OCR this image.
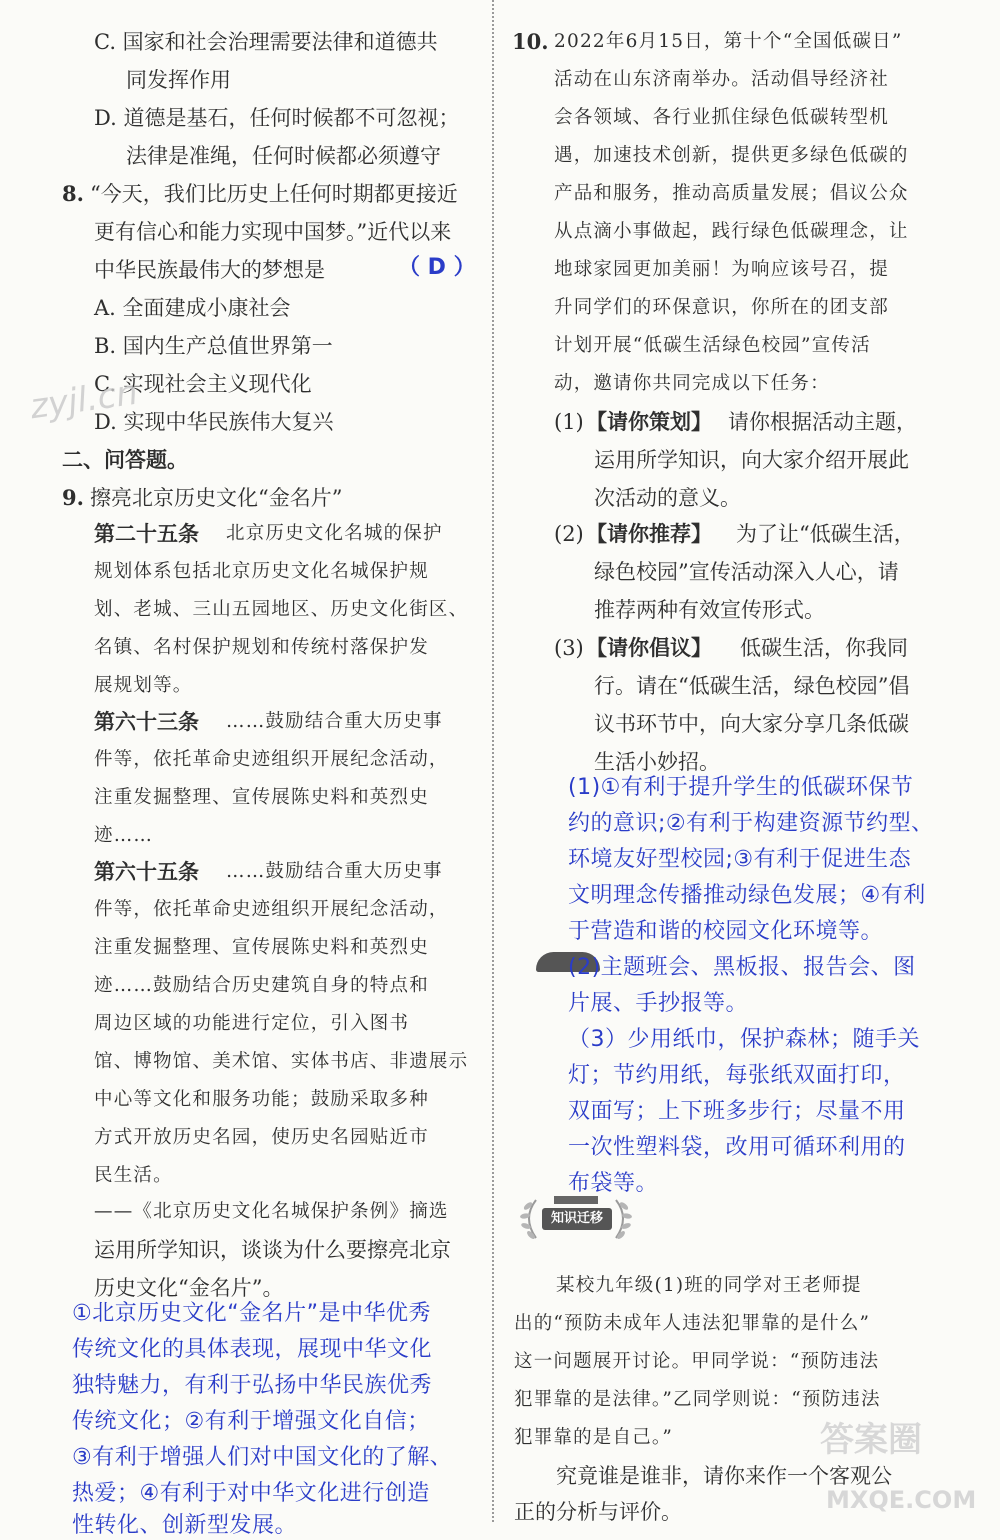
C. 国家和社会治理需要法律和道德共
同发挥作用
D. 道德是基石，任何时候都不可忽视；
法律是准绳，任何时候都必须遵守
8. “今天，我们比历史上任何时期都更接近
更有信心和能力实现中国梦。”近代以来
中华民族最伟大的梦想是	（ D ）
A. 全面建成小康社会
B. 国内生产总值世界第一
C. 实现社会主义现代化
D. 实现中华民族伟大复兴
zyjl.cn
二、问答题。
9. 擦亮北京历史文化“金名片”
第二十五条 北京历史文化名城的保护
规划体系包括北京历史文化名城保护规
划、老城、三山五园地区、历史文化街区、
名镇、名村保护规划和传统村落保护发
展规划等。
第六十三条 ……鼓励结合重大历史事
件等，依托革命史迹组织开展纪念活动，
注重发掘整理、宣传展陈史料和英烈史
迹……
第六十五条 ……鼓励结合重大历史事
件等，依托革命史迹组织开展纪念活动，
注重发掘整理、宣传展陈史料和英烈史
迹……鼓励结合历史建筑自身的特点和
周边区域的功能进行定位，引入图书
馆、博物馆、美术馆、实体书店、非遗展示
中心等文化和服务功能；鼓励采取多种
方式开放历史名园，使历史名园贴近市
民生活。
——《北京历史文化名城保护条例》摘选
运用所学知识，谈谈为什么要擦亮北京
历史文化“金名片”。
①北京历史文化“金名片”是中华优秀
传统文化的具体表现，展现中华文化
独特魅力，有利于弘扬中华民族优秀
传统文化；②有利于增强文化自信；
③有利于增强人们对中国文化的了解、
热爱；④有利于对中华文化进行创造
性转化、创新型发展。
10. 2022年6月15日，第十个“全国低碳日”
活动在山东济南举办。活动倡导经济社
会各领域、各行业抓住绿色低碳转型机
遇，加速技术创新，提供更多绿色低碳的
产品和服务，推动高质量发展；倡议公众
从点滴小事做起，践行绿色低碳理念，让
地球家园更加美丽！为响应该号召，提
升同学们的环保意识，你所在的团支部
计划开展“低碳生活绿色校园”宣传活
动，邀请你共同完成以下任务：
(1) 【请你策划】 请你根据活动主题，
运用所学知识，向大家介绍开展此
次活动的意义。
(2) 【请你推荐】 为了让“低碳生活，
绿色校园”宣传活动深入人心，请
推荐两种有效宣传形式。
(3) 【请你倡议】 低碳生活，你我同
行。请在“低碳生活，绿色校园”倡
议书环节中，向大家分享几条低碳
生活小妙招。
(1)①有利于提升学生的低碳环保节
约的意识;②有利于构建资源节约型、
环境友好型校园;③有利于促进生态
文明理念传播推动绿色发展；④有利
于营造和谐的校园文化环境等。
(2)主题班会、黑板报、报告会、图
片展、手抄报等。
（3）少用纸巾，保护森林；随手关
灯；节约用纸，每张纸双面打印，
双面写；上下班多步行；尽量不用
一次性塑料袋，改用可循环利用的
布袋等。
知识迁移
某校九年级(1)班的同学对王老师提
出的“预防未成年人违法犯罪靠的是什么”
这一问题展开讨论。甲同学说：“预防违法
犯罪靠的是法律。”乙同学则说：“预防违法
犯罪靠的是自己。”
究竟谁是谁非，请你来作一个客观公
正的分析与评价。
答案圈
MXQE.COM
